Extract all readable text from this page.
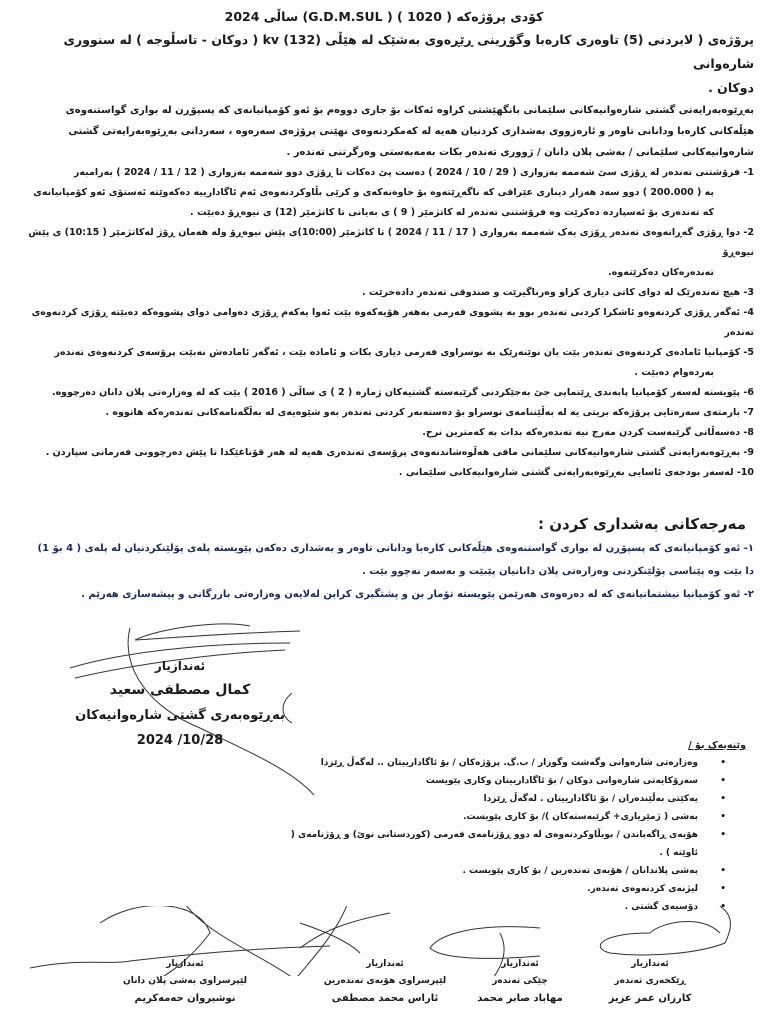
کۆدی پرۆژەکە ( 1020 ) ( G.D.M.SUL) ساڵی 2024

پرۆژەی ( لابردنی (5) تاوەری کارەبا وگۆڕینی ڕێڕەوی بەشێک لە هێڵی kv (132) ( دوکان - تاسڵوجە ) لە سنووری شارەوانی

دوکان .

بەڕێوەبەرایەتی گشتی شارەوانیەکانی سلێمانی بانگهێشتی کراوە ئەکات بۆ جاری دووەم بۆ ئەو کۆمپانیانەی کە پسپۆڕن لە بواری گواستنەوەی

هێڵەکانی کارەبا ودانانی تاوەر و ئارەزووی بەشداری کردنیان هەیە لە کەمکردنەوەی نهێنی پرۆژەی سەرەوە ، سەردانی بەڕێوەبەرایەتی گشتی

شارەوانیەکانی سلێمانی / بەشی پلان دانان / ژووری تەندەر بکات بەمەبەستی وەرگرتنی تەندەر .

1- فرۆشتنی تەندەر لە ڕۆژی سێ شەممە بەرواری ( 29 / 10 / 2024 ) دەست پێ دەکات تا ڕۆژی دوو شەممە بەرواری ( 12 / 11 / 2024 ) بەرامبەر

بە ( 200.000 ) دوو سەد هەزار دیناری عێراقی کە ناگەڕێتەوە بۆ خاوەنەکەی و کرێی بڵاوکردنەوەی ئەم ئاگادارییە دەکەوێتە ئەستۆی ئەو کۆمپانیانەی

کە تەندەری بۆ ئەسپاردە دەکرێت وە فرۆشتنی تەندەر لە کاتژمێر ( 9 ) ی بەیانی تا کاتژمێر (12) ی نیوەڕۆ دەبێت .

2- دوا ڕۆژی گەڕانەوەی تەندەر ڕۆژی یەک شەممە بەرواری ( 17 / 11 / 2024 ) تا کاتژمێر (10:00)ی پێش نیوەڕۆ ولە هەمان ڕۆژ لەکاتژمێر ( 10:15) ی پێش نیوەڕۆ

تەندەرەکان دەکرێتەوە.

3- هیچ تەندەرێک لە دوای کاتی دیاری کراو وەرناگیرێت و صندوقی تەندەر دادەخرێت .

4- ئەگەر ڕۆژی کردنەوەو ئاشکرا کردنی تەندەر بوو بە پشووی فەرمی بەهەر هۆیەکەوە بێت ئەوا یەکەم ڕۆژی دەوامی دوای پشووەکە دەبێتە ڕۆژی کردنەوەی تەندەر

5- کۆمپانیا ئامادەی کردنەوەی تەندەر بێت یان نوێنەرێک بە نوسراوی فەرمی دیاری بکات و ئامادە بێت ، ئەگەر ئامادەش نەبێت پرۆسەی کردنەوەی تەندەر

بەردەوام دەبێت .

6- پێویستە لەسەر کۆمپانیا پابەندی ڕێنمایی جێ بەجێکردنی گرێبەستە گشتیەکان ژمارە ( 2 ) ی ساڵی ( 2016 ) بێت کە لە وەزارەتی پلان دانان دەرچووە.

7- بارمتەی سەرەتایی پرۆژەکە بریتی یە لە بەڵێننامەی نوسراو بۆ دەستەبەر کردنی تەندەر بەو شێوەیەی لە بەڵگەنامەکانی تەندەرەکە هاتووە .

8- دەسەڵاتی گرێبەست کردن مەرج نیە تەندەرەکە بدات بە کەمترین نرخ.

9- بەڕێوەبەرایەتی گشتی شارەوانیەکانی سلێمانی مافی هەڵوەشاندنەوەی پرۆسەی تەندەری هەیە لە هەر قۆناغێکدا تا پێش دەرچوونی فەرمانی سپاردن .

10- لەسەر بودجەی ئاسایی بەڕێوەبەرایەتی گشتی شارەوانیەکانی سلێمانی .

مەرجەکانی بەشداری کردن :

١- ئەو کۆمپانیانەی کە پسپۆڕن لە بواری گواستنەوەی هێڵەکانی کارەبا ودانانی تاوەر و بەشداری دەکەن پێویستە پلەی پۆلێنکردنیان لە پلەی ( 4 بۆ 1)

دا بێت وە پێناسی پۆلێنکردنی وەزارەتی پلان دانانیان پێبێت و بەسەر نەچوو بێت .

٢- ئەو کۆمپانیا نیشتمانیانەی کە لە دەرەوەی هەرێمن پێویستە تۆمار بن و پشتگیری کرابن لەلایەن وەزارەتی بازرگانی و پیشەسازی هەرێم .

ئەندازیار
كمال مصطفى سعيد
بەڕێوەبەری گشتی شارەوانیەکان
2024 /10/28	وێنەیەک بۆ /
• وەزارەتی شارەوانی وگەشت وگوزار / ب.گ. پرۆژەکان / بۆ ئاگادارییتان .. لەگەڵ ڕێزدا
• سەرۆکایەتی شارەوانی دوکان / بۆ ئاگادارییتان وکاری پێویست
• یەکێتی بەڵێندەران / بۆ ئاگادارییتان . لەگەڵ ڕێزدا
• بەشی ( ژمێریاری+ گرێبەستەکان )/ بۆ کاری پێویست.
• هۆبەی ڕاگەیاندن / بوبڵاوکردنەوەی لە دوو ڕۆژنامەی فەرمی (کوردستانی نوێ) و ڕۆژنامەی ( ئاوێنە ) .
• بەشی پلاندانان / هۆبەی تەندەرین / بۆ کاری پێویست .
• لیژنەی کردنەوەی تەندەر.
• دۆسیەی گشتی .
ئەندازیار
لێپرسراوی بەشی پلان دانان
نوشیروان حەمەکریم
ئەندازیار
لێپرسراوی هۆبەی تەندەرین
ئاراس محمد مصطفی
ئەندازیار
چێکی تەندەر
مهاباد صابر محمد
ئەندازیار
ڕێکخەری تەندەر
کارزان عمر عزیز
